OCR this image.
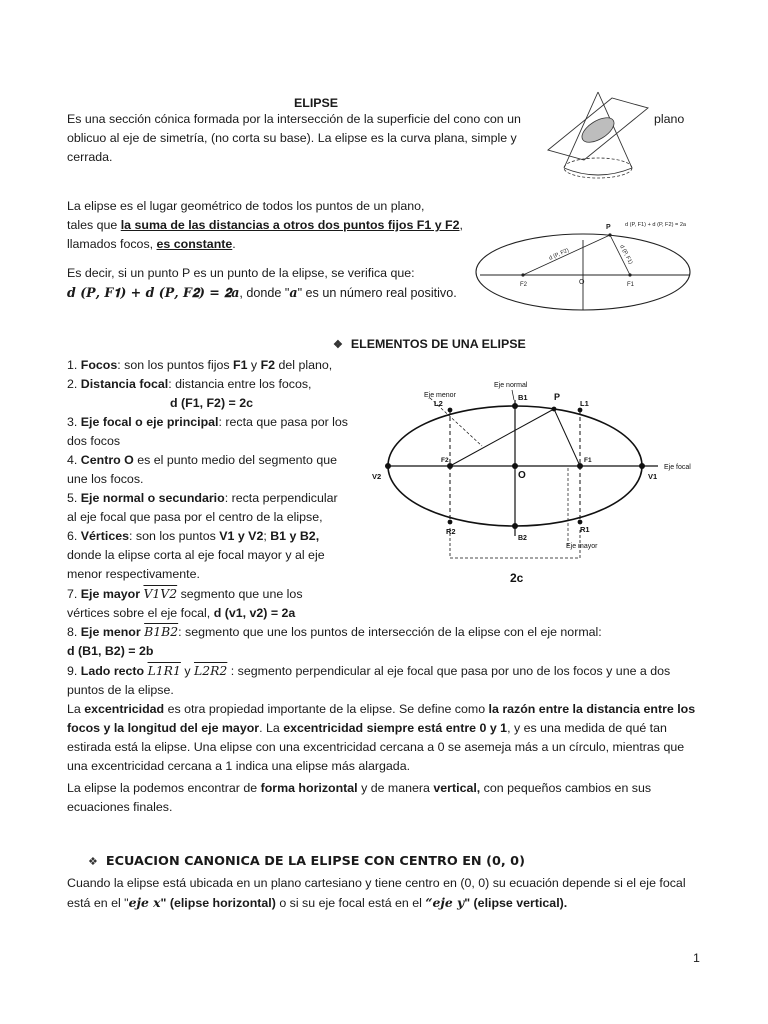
ELIPSE

Es una sección cónica formada por la intersección de la superficie del cono con un

oblicuo al eje de simetría, (no corta su base). La elipse es la curva plana, simple y

cerrada.

plano

La elipse es el lugar geométrico de todos los puntos de un plano,

tales que la suma de las distancias a otros dos puntos fijos F1 y F2,

llamados focos, es constante.

Es decir, si un punto P es un punto de la elipse, se verifica que:

𝒅 (𝑷, 𝑭𝟏) + 𝒅 (𝑷, 𝑭𝟐) = 𝟐𝒂, donde "𝒂" es un número real positivo.

d (P, F1) + d (P, F2) = 2a
P
d (P, F2)	d (P, F1)
F2	O	F1
❖ ELEMENTOS DE UNA ELIPSE

1. Focos: son los puntos fijos F1 y F2 del plano,

2. Distancia focal: distancia entre los focos,

d (F1, F2) = 2c

3. Eje focal o eje principal: recta que pasa por los

dos focos

4. Centro O es el punto medio del segmento que

une los focos.

5. Eje normal o secundario: recta perpendicular

al eje focal que pasa por el centro de la elipse,

6. Vértices: son los puntos V1 y V2; B1 y B2,

donde la elipse corta al eje focal mayor y al eje

menor respectivamente.

7. Eje mayor V1V2 segmento que une los

vértices sobre el eje focal, d (v1, v2) = 2a

8. Eje menor B1B2: segmento que une los puntos de intersección de la elipse con el eje normal:

d (B1, B2) = 2b

9. Lado recto L1R1 y L2R2 : segmento perpendicular al eje focal que pasa por uno de los focos y une a dos

puntos de la elipse.

La excentricidad es otra propiedad importante de la elipse. Se define como la razón entre la distancia entre los

focos y la longitud del eje mayor. La excentricidad siempre está entre 0 y 1, y es una medida de qué tan

estirada está la elipse. Una elipse con una excentricidad cercana a 0 se asemeja más a un círculo, mientras que

una excentricidad cercana a 1 indica una elipse más alargada.

La elipse la podemos encontrar de forma horizontal y de manera vertical, con pequeños cambios en sus

ecuaciones finales.

❖ ECUACION CANONICA DE LA ELIPSE CON CENTRO EN (0, 0)

Cuando la elipse está ubicada en un plano cartesiano y tiene centro en (0, 0) su ecuación depende si el eje focal

está en el "eje x" (elipse horizontal) o si su eje focal está en el “eje y" (elipse vertical).

Eje menor
Eje normal
B1	P
L2	L1
F2
O
F1
V2	V1
Eje focal
R2	R1
B2
Eje mayor
2c
1
